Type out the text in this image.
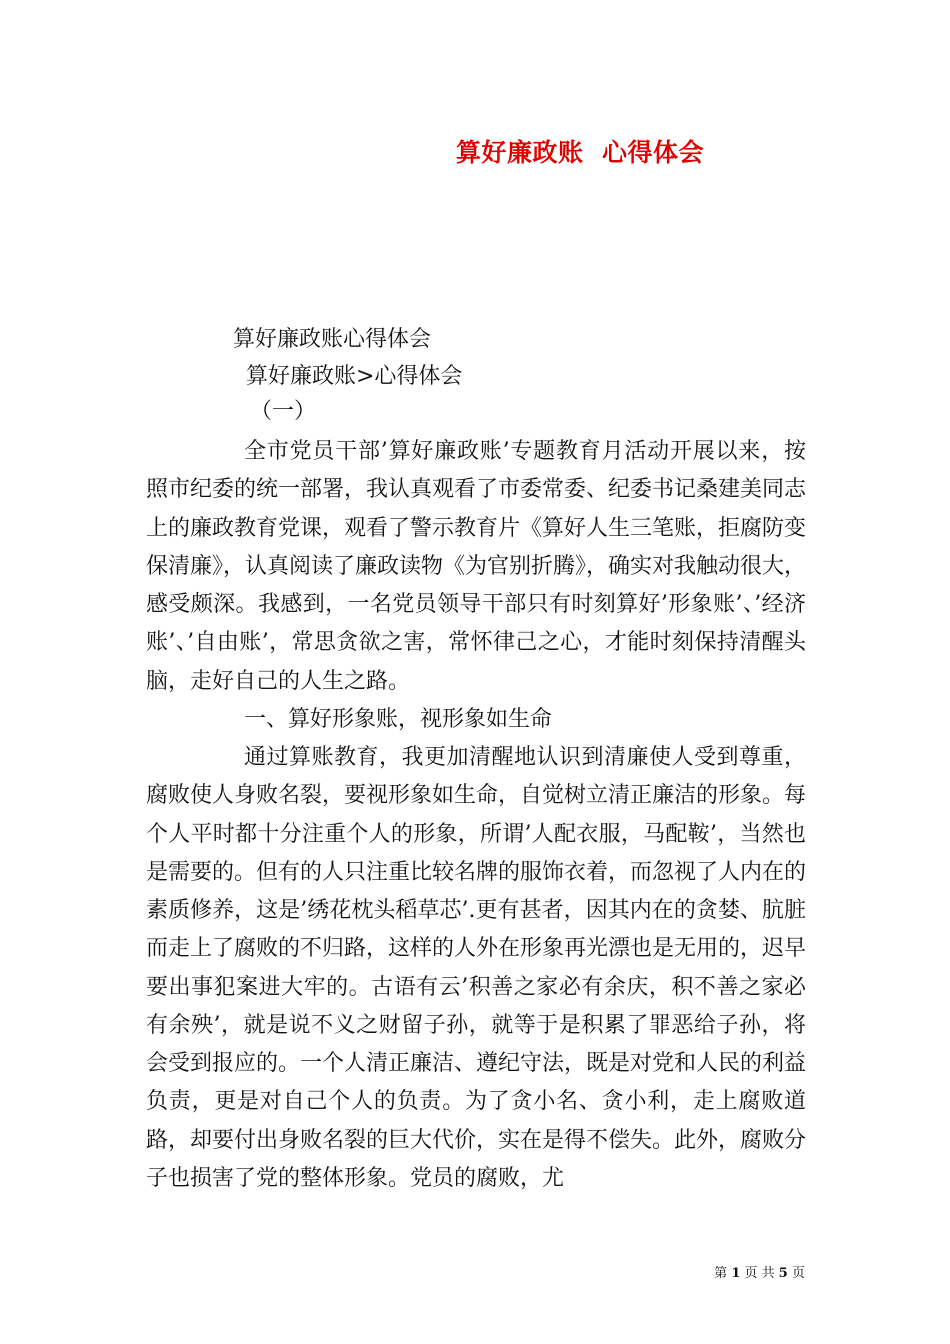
算好廉政账  心得体会
算好廉政账心得体会
算好廉政账>心得体会
（一）

全市党员干部’算好廉政账’专题教育月活动开展以来，按照市纪委的统一部署，我认真观看了市委常委、纪委书记桑建美同志上的廉政教育党课，观看了警示教育片《算好人生三笔账，拒腐防变保清廉》，认真阅读了廉政读物《为官别折腾》，确实对我触动很大，感受颇深。我感到，一名党员领导干部只有时刻算好’形象账’、’经济账’、’自由账’，常思贪欲之害，常怀律己之心，才能时刻保持清醒头脑，走好自己的人生之路。

一、算好形象账，视形象如生命

通过算账教育，我更加清醒地认识到清廉使人受到尊重，腐败使人身败名裂，要视形象如生命，自觉树立清正廉洁的形象。每个人平时都十分注重个人的形象，所谓’人配衣服，马配鞍’，当然也是需要的。但有的人只注重比较名牌的服饰衣着，而忽视了人内在的素质修养，这是’绣花枕头稻草芯’.更有甚者，因其内在的贪婪、肮脏而走上了腐败的不归路，这样的人外在形象再光漂也是无用的，迟早要出事犯案进大牢的。古语有云’积善之家必有余庆，积不善之家必有余殃’，就是说不义之财留子孙，就等于是积累了罪恶给子孙，将会受到报应的。一个人清正廉洁、遵纪守法，既是对党和人民的利益负责，更是对自己个人的负责。为了贪小名、贪小利，走上腐败道路，却要付出身败名裂的巨大代价，实在是得不偿失。此外，腐败分子也损害了党的整体形象。党员的腐败，尤

第 1 页 共 5 页
